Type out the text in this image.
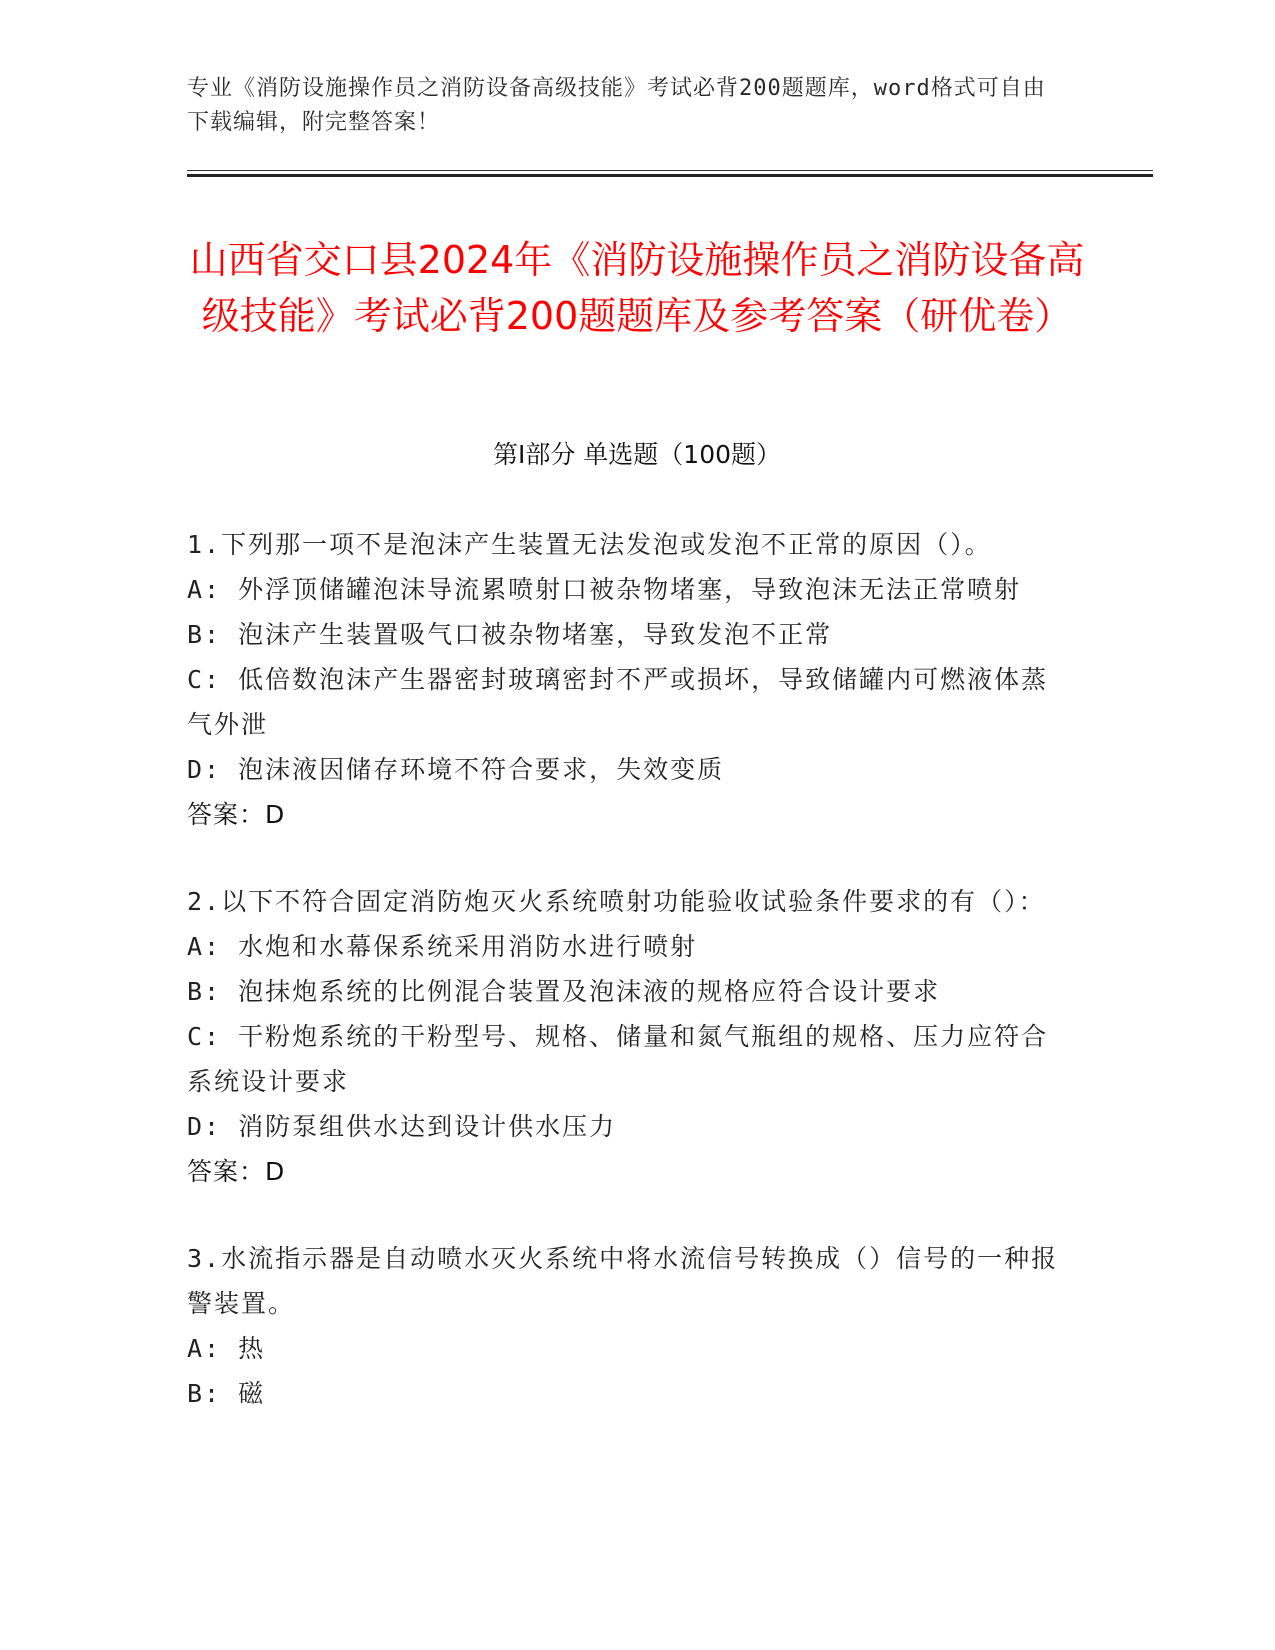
专业《消防设施操作员之消防设备高级技能》考试必背200题题库，word格式可自由下载编辑，附完整答案！
山西省交口县2024年《消防设施操作员之消防设备高级技能》考试必背200题题库及参考答案（研优卷）
第I部分 单选题（100题）

1.下列那一项不是泡沫产生装置无法发泡或发泡不正常的原因（）。

A: 外浮顶储罐泡沫导流累喷射口被杂物堵塞，导致泡沫无法正常喷射

B: 泡沫产生装置吸气口被杂物堵塞，导致发泡不正常

C: 低倍数泡沫产生器密封玻璃密封不严或损坏，导致储罐内可燃液体蒸气外泄

D: 泡沫液因储存环境不符合要求，失效变质

答案：D

2.以下不符合固定消防炮灭火系统喷射功能验收试验条件要求的有（）：

A: 水炮和水幕保系统采用消防水进行喷射

B: 泡抹炮系统的比例混合装置及泡沫液的规格应符合设计要求

C: 干粉炮系统的干粉型号、规格、储量和氮气瓶组的规格、压力应符合系统设计要求

D: 消防泵组供水达到设计供水压力

答案：D

3.水流指示器是自动喷水灭火系统中将水流信号转换成（）信号的一种报警装置。

A: 热

B: 磁
